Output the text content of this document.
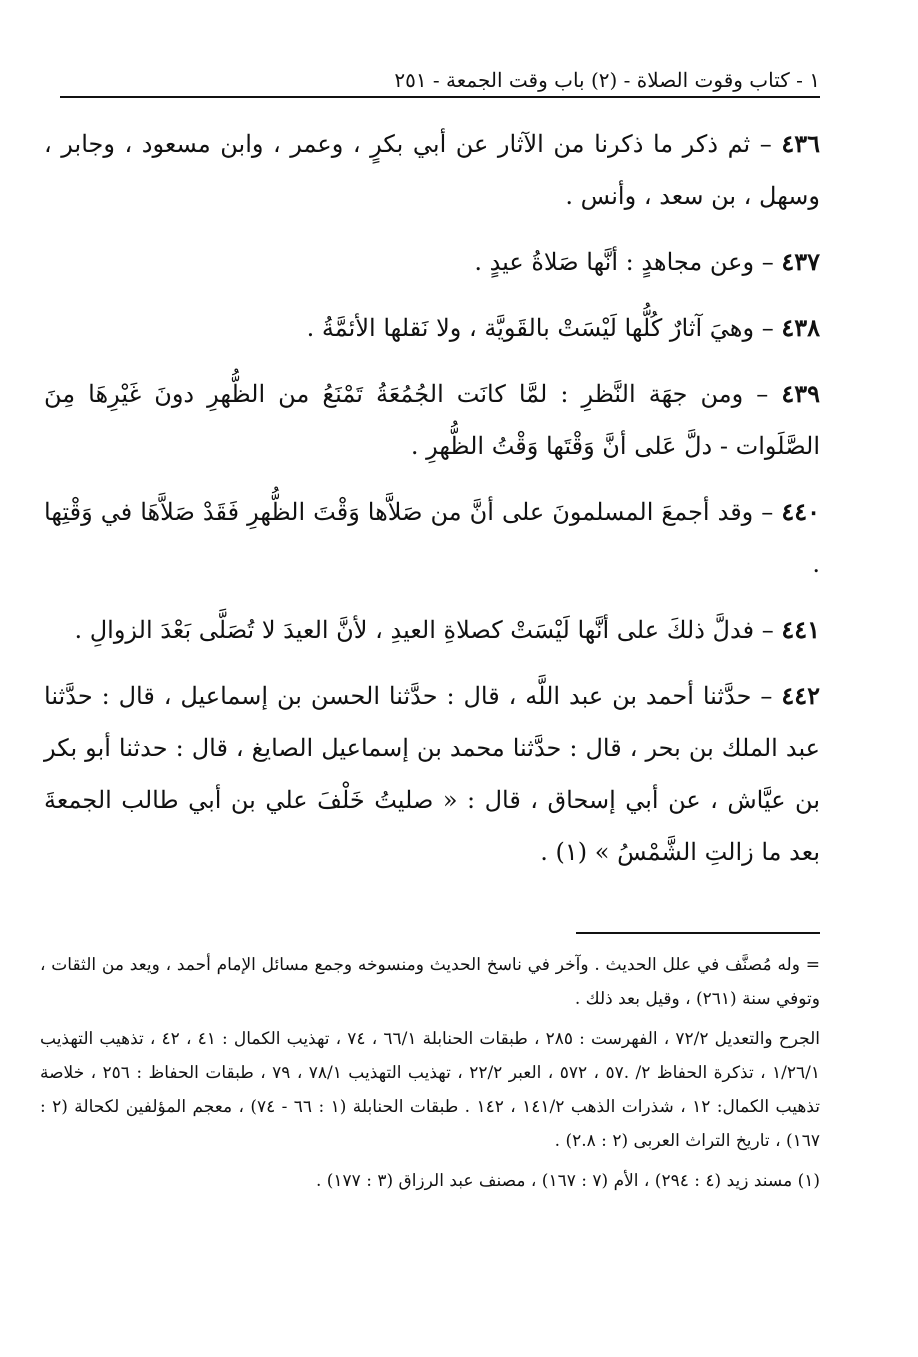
١ - كتاب وقوت الصلاة - (٢) باب وقت الجمعة - ٢٥١

٤٣٦ – ثم ذكر ما ذكرنا من الآثار عن أبي بكرٍ ، وعمر ، وابن مسعود ، وجابر ، وسهل ، بن سعد ، وأنس .

٤٣٧ – وعن مجاهدٍ : أنَّها صَلاةُ عيدٍ .

٤٣٨ – وهيَ آثارٌ كُلُّها لَيْسَتْ بالقَويَّة ، ولا نَقلها الأئمَّةُ .

٤٣٩ – ومن جهَة النَّظرِ : لمَّا كانَت الجُمُعَةُ تَمْنَعُ من الظُّهرِ دونَ غَيْرِهَا مِنَ الصَّلَوات - دلَّ عَلى أنَّ وَقْتَها وَقْتُ الظُّهرِ .

٤٤٠ – وقد أجمعَ المسلمونَ على أنَّ من صَلاَّها وَقْتَ الظُّهرِ فَقَدْ صَلاَّهَا في وَقْتِها .

٤٤١ – فدلَّ ذلكَ على أنَّها لَيْسَتْ كصلاةِ العيدِ ، لأنَّ العيدَ لا تُصَلَّى بَعْدَ الزوالِ .

٤٤٢ – حدَّثنا أحمد بن عبد اللَّه ، قال : حدَّثنا الحسن بن إسماعيل ، قال : حدَّثنا عبد الملك بن بحر ، قال : حدَّثنا محمد بن إسماعيل الصايغ ، قال : حدثنا أبو بكر بن عيَّاش ، عن أبي إسحاق ، قال : « صليتُ خَلْفَ علي بن أبي طالب الجمعةَ بعد ما زالتِ الشَّمْسُ » (١) .

= وله مُصنَّف في علل الحديث . وآخر في ناسخ الحديث ومنسوخه وجمع مسائل الإمام أحمد ، ويعد من الثقات ، وتوفي سنة (٢٦١) ، وقيل بعد ذلك .

الجرح والتعديل ٧٢/٢ ، الفهرست : ٢٨٥ ، طبقات الحنابلة ٦٦/١ ، ٧٤ ، تهذيب الكمال : ٤١ ، ٤٢ ، تذهيب التهذيب ١/٢٦/١ ، تذكرة الحفاظ ٢/ .٥٧ ، ٥٧٢ ، العبر ٢٢/٢ ، تهذيب التهذيب ٧٨/١ ، ٧٩ ، طبقات الحفاظ : ٢٥٦ ، خلاصة تذهيب الكمال: ١٢ ، شذرات الذهب ١٤١/٢ ، ١٤٢ . طبقات الحنابلة (١ : ٦٦ - ٧٤) ، معجم المؤلفين لكحالة (٢ : ١٦٧) ، تاريخ التراث العربى (٢ : ٢.٨) .

(١) مسند زيد (٤ : ٢٩٤) ، الأم (٧ : ١٦٧) ، مصنف عبد الرزاق (٣ : ١٧٧) .
